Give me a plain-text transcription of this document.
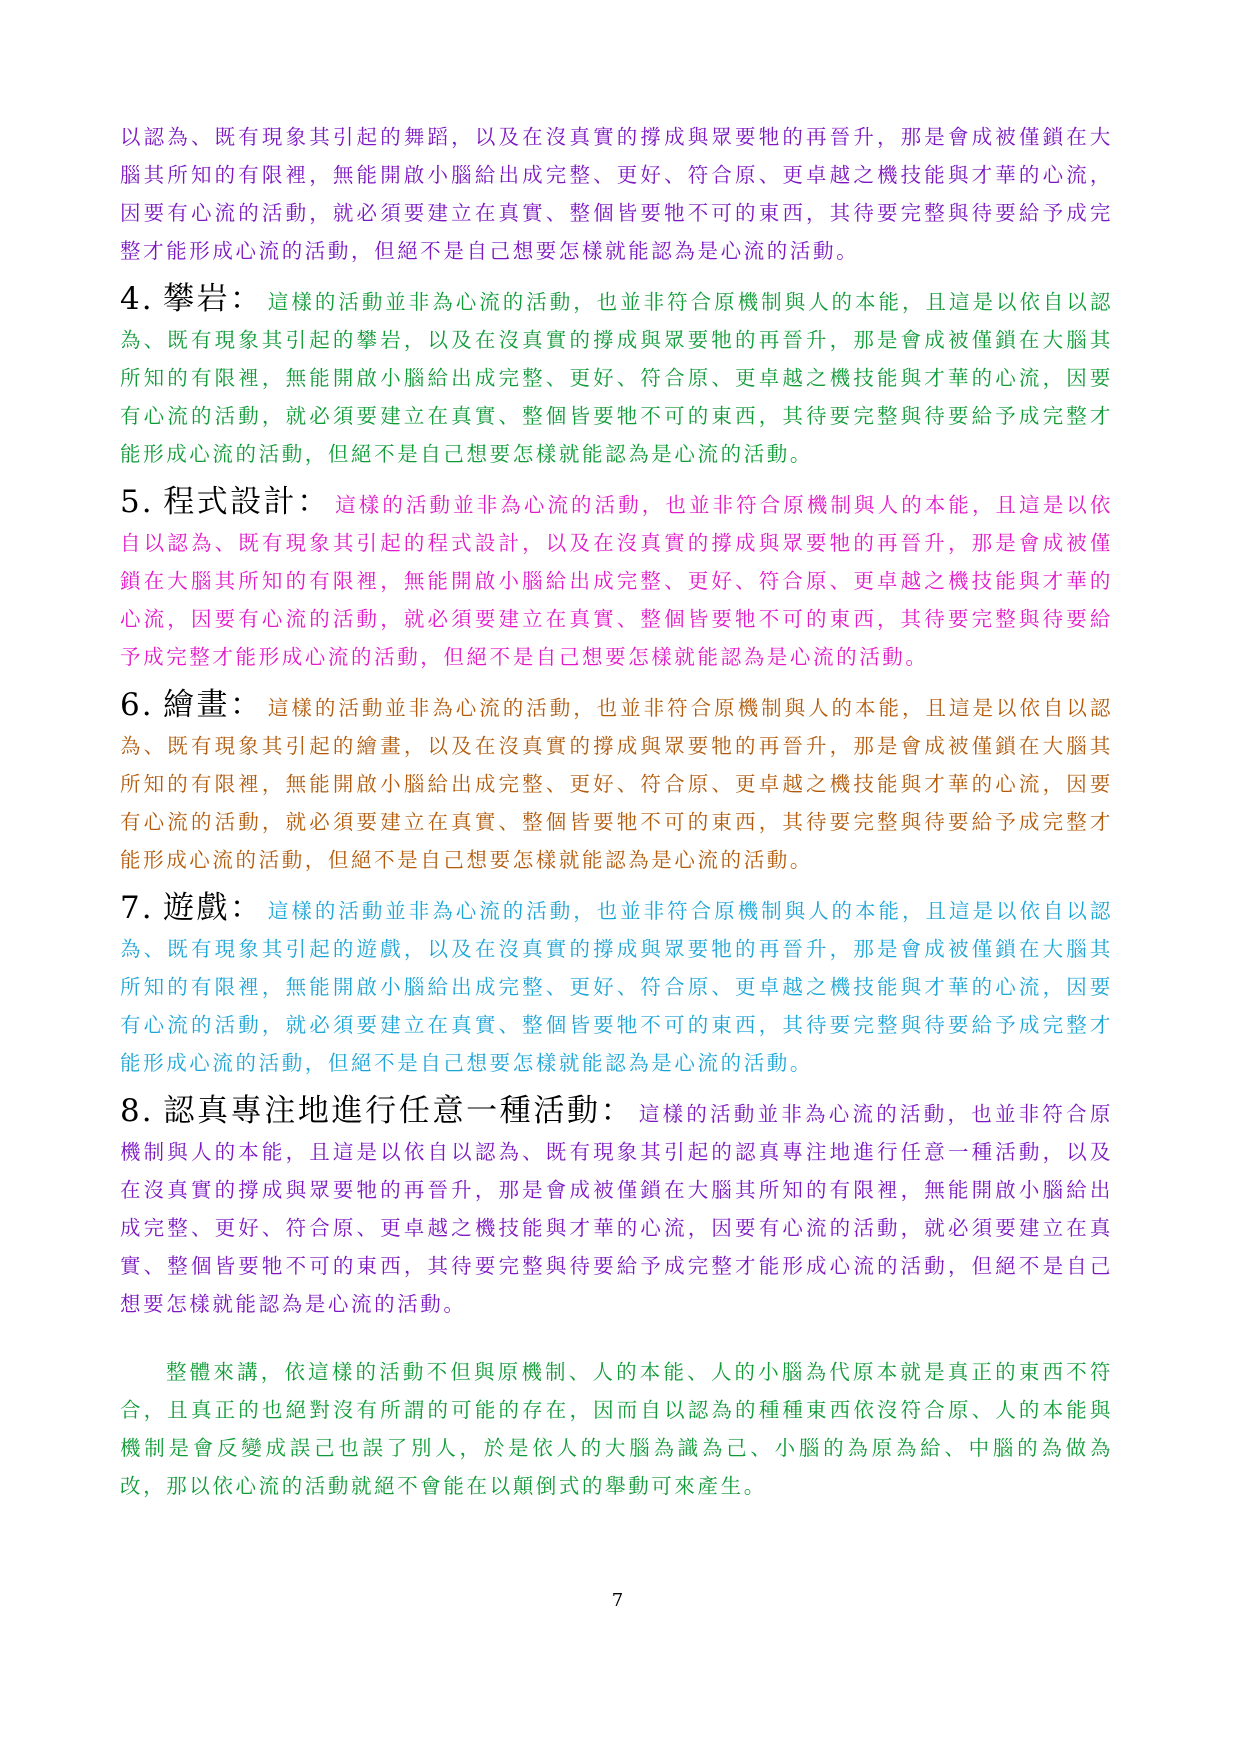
以認為、既有現象其引起的舞蹈，以及在沒真實的撐成與眾要牠的再晉升，那是會成被僅鎖在大腦其所知的有限裡，無能開啟小腦給出成完整、更好、符合原、更卓越之機技能與才華的心流，因要有心流的活動，就必須要建立在真實、整個皆要牠不可的東西，其待要完整與待要給予成完整才能形成心流的活動，但絕不是自己想要怎樣就能認為是心流的活動。

4. 攀岩： 這樣的活動並非為心流的活動，也並非符合原機制與人的本能，且這是以依自以認為、既有現象其引起的攀岩，以及在沒真實的撐成與眾要牠的再晉升，那是會成被僅鎖在大腦其所知的有限裡，無能開啟小腦給出成完整、更好、符合原、更卓越之機技能與才華的心流，因要有心流的活動，就必須要建立在真實、整個皆要牠不可的東西，其待要完整與待要給予成完整才能形成心流的活動，但絕不是自己想要怎樣就能認為是心流的活動。

5. 程式設計： 這樣的活動並非為心流的活動，也並非符合原機制與人的本能，且這是以依自以認為、既有現象其引起的程式設計，以及在沒真實的撐成與眾要牠的再晉升，那是會成被僅鎖在大腦其所知的有限裡，無能開啟小腦給出成完整、更好、符合原、更卓越之機技能與才華的心流，因要有心流的活動，就必須要建立在真實、整個皆要牠不可的東西，其待要完整與待要給予成完整才能形成心流的活動，但絕不是自己想要怎樣就能認為是心流的活動。

6. 繪畫： 這樣的活動並非為心流的活動，也並非符合原機制與人的本能，且這是以依自以認為、既有現象其引起的繪畫，以及在沒真實的撐成與眾要牠的再晉升，那是會成被僅鎖在大腦其所知的有限裡，無能開啟小腦給出成完整、更好、符合原、更卓越之機技能與才華的心流，因要有心流的活動，就必須要建立在真實、整個皆要牠不可的東西，其待要完整與待要給予成完整才能形成心流的活動，但絕不是自己想要怎樣就能認為是心流的活動。

7. 遊戲： 這樣的活動並非為心流的活動，也並非符合原機制與人的本能，且這是以依自以認為、既有現象其引起的遊戲，以及在沒真實的撐成與眾要牠的再晉升，那是會成被僅鎖在大腦其所知的有限裡，無能開啟小腦給出成完整、更好、符合原、更卓越之機技能與才華的心流，因要有心流的活動，就必須要建立在真實、整個皆要牠不可的東西，其待要完整與待要給予成完整才能形成心流的活動，但絕不是自己想要怎樣就能認為是心流的活動。

8. 認真專注地進行任意一種活動： 這樣的活動並非為心流的活動，也並非符合原機制與人的本能，且這是以依自以認為、既有現象其引起的認真專注地進行任意一種活動，以及在沒真實的撐成與眾要牠的再晉升，那是會成被僅鎖在大腦其所知的有限裡，無能開啟小腦給出成完整、更好、符合原、更卓越之機技能與才華的心流，因要有心流的活動，就必須要建立在真實、整個皆要牠不可的東西，其待要完整與待要給予成完整才能形成心流的活動，但絕不是自己想要怎樣就能認為是心流的活動。

整體來講，依這樣的活動不但與原機制、人的本能、人的小腦為代原本就是真正的東西不符合，且真正的也絕對沒有所謂的可能的存在，因而自以認為的種種東西依沒符合原、人的本能與機制是會反變成誤己也誤了別人，於是依人的大腦為識為己、小腦的為原為給、中腦的為做為改，那以依心流的活動就絕不會能在以顛倒式的舉動可來產生。

7
